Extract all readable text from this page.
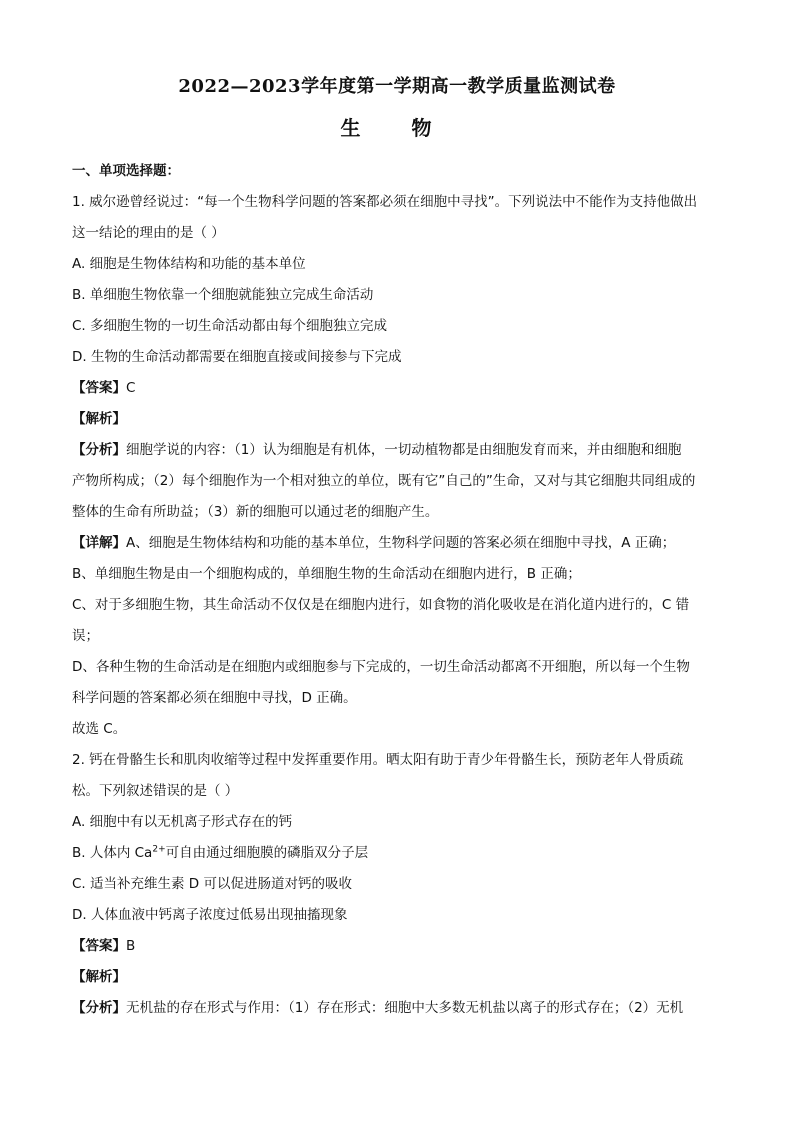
2022—2023学年度第一学期高一教学质量监测试卷
生 物
一、单项选择题：
1. 威尔逊曾经说过：“每一个生物科学问题的答案都必须在细胞中寻找”。下列说法中不能作为支持他做出
这一结论的理由的是（ ）
A. 细胞是生物体结构和功能的基本单位
B. 单细胞生物依靠一个细胞就能独立完成生命活动
C. 多细胞生物的一切生命活动都由每个细胞独立完成
D. 生物的生命活动都需要在细胞直接或间接参与下完成
【答案】C
【解析】
【分析】细胞学说的内容：（1）认为细胞是有机体，一切动植物都是由细胞发育而来，并由细胞和细胞
产物所构成；（2）每个细胞作为一个相对独立的单位，既有它”自己的”生命，又对与其它细胞共同组成的
整体的生命有所助益；（3）新的细胞可以通过老的细胞产生。
【详解】A、细胞是生物体结构和功能的基本单位，生物科学问题的答案必须在细胞中寻找，A 正确；
B、单细胞生物是由一个细胞构成的，单细胞生物的生命活动在细胞内进行，B 正确；
C、对于多细胞生物，其生命活动不仅仅是在细胞内进行，如食物的消化吸收是在消化道内进行的，C 错
误；
D、各种生物的生命活动是在细胞内或细胞参与下完成的，一切生命活动都离不开细胞，所以每一个生物
科学问题的答案都必须在细胞中寻找，D 正确。
故选 C。
2. 钙在骨骼生长和肌肉收缩等过程中发挥重要作用。晒太阳有助于青少年骨骼生长，预防老年人骨质疏
松。下列叙述错误的是（ ）
A. 细胞中有以无机离子形式存在的钙
B. 人体内 $Ca^{2+}$可自由通过细胞膜的磷脂双分子层
C. 适当补充维生素 D 可以促进肠道对钙的吸收
D. 人体血液中钙离子浓度过低易出现抽搐现象
【答案】B
【解析】
【分析】无机盐的存在形式与作用：（1）存在形式：细胞中大多数无机盐以离子的形式存在；（2）无机
